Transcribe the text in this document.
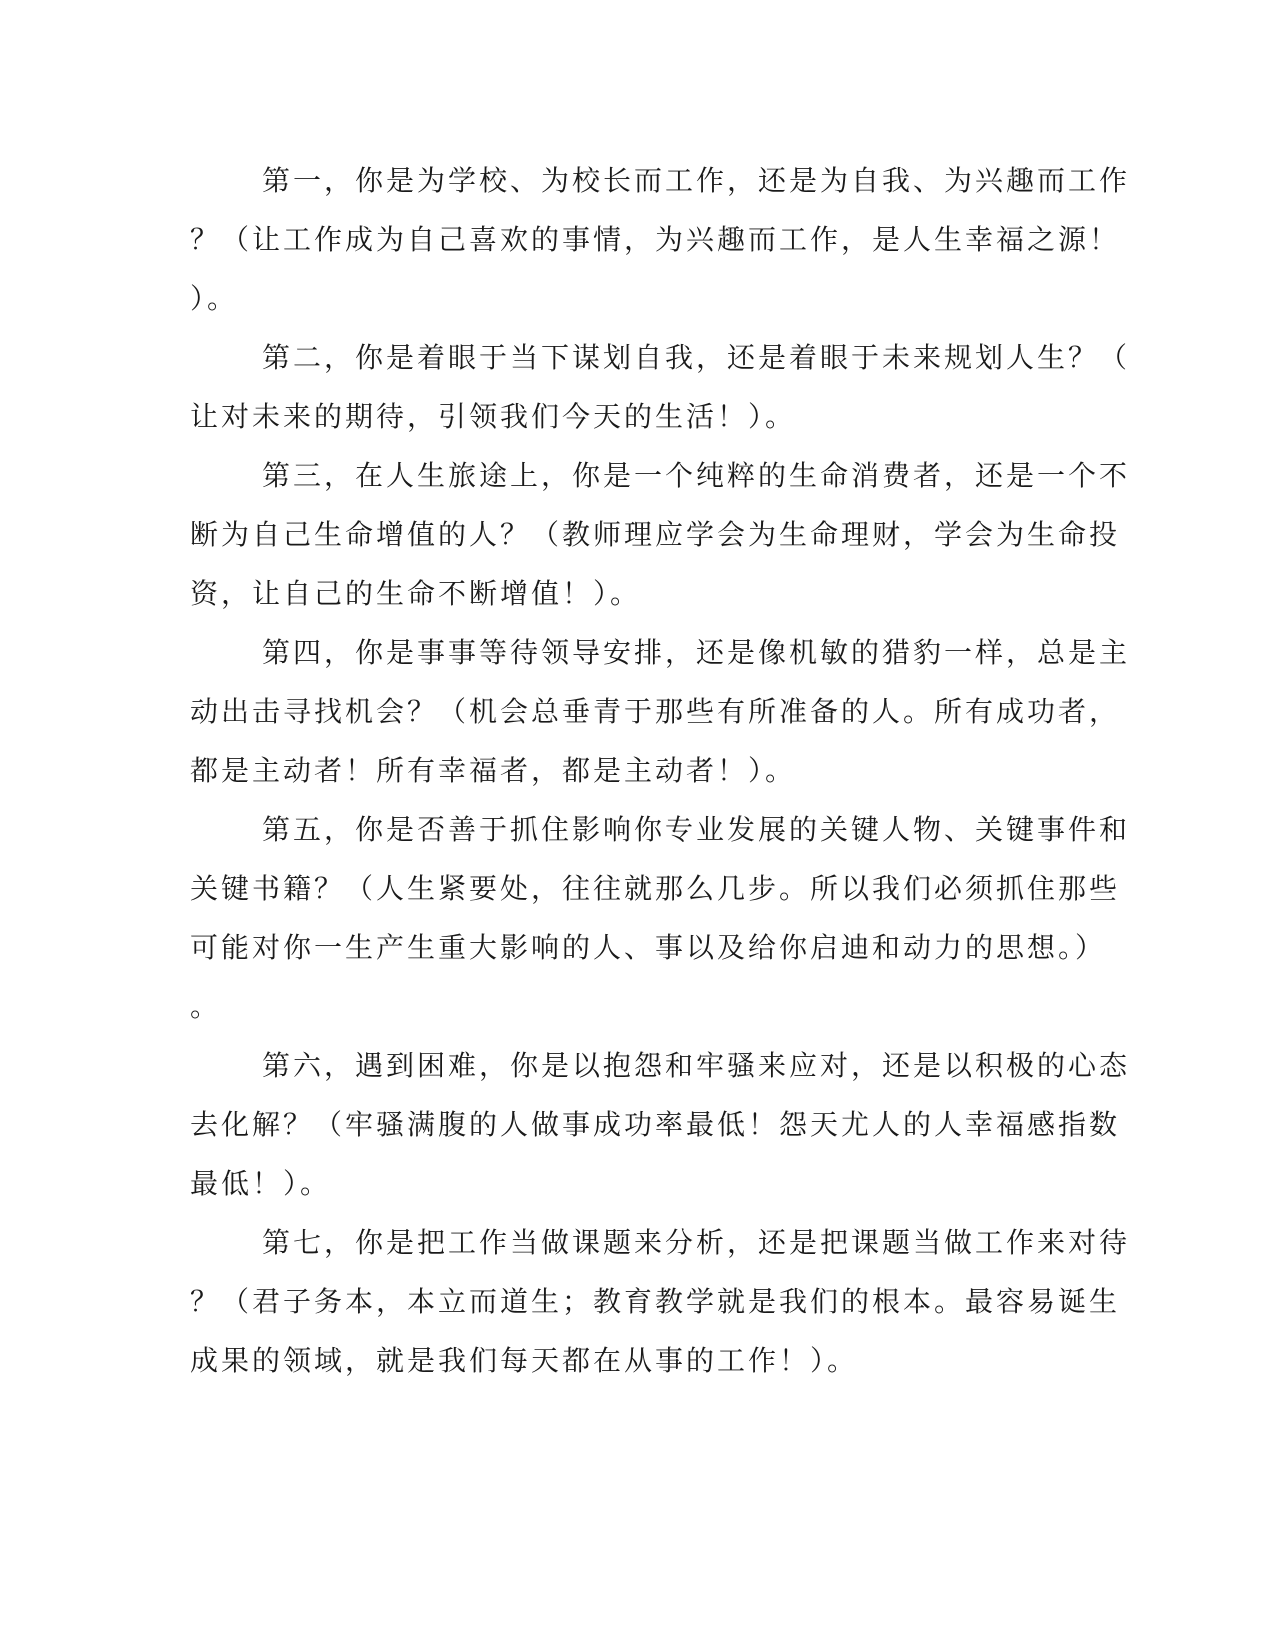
第一，你是为学校、为校长而工作，还是为自我、为兴趣而工作

？（让工作成为自己喜欢的事情，为兴趣而工作，是人生幸福之源！

）。

第二，你是着眼于当下谋划自我，还是着眼于未来规划人生？（

让对未来的期待，引领我们今天的生活！）。

第三，在人生旅途上，你是一个纯粹的生命消费者，还是一个不

断为自己生命增值的人？（教师理应学会为生命理财，学会为生命投

资，让自己的生命不断增值！）。

第四，你是事事等待领导安排，还是像机敏的猎豹一样，总是主

动出击寻找机会？（机会总垂青于那些有所准备的人。所有成功者，

都是主动者！所有幸福者，都是主动者！）。

第五，你是否善于抓住影响你专业发展的关键人物、关键事件和

关键书籍？（人生紧要处，往往就那么几步。所以我们必须抓住那些

可能对你一生产生重大影响的人、事以及给你启迪和动力的思想。）

。

第六，遇到困难，你是以抱怨和牢骚来应对，还是以积极的心态

去化解？（牢骚满腹的人做事成功率最低！怨天尤人的人幸福感指数

最低！）。

第七，你是把工作当做课题来分析，还是把课题当做工作来对待

？（君子务本，本立而道生；教育教学就是我们的根本。最容易诞生

成果的领域，就是我们每天都在从事的工作！）。
